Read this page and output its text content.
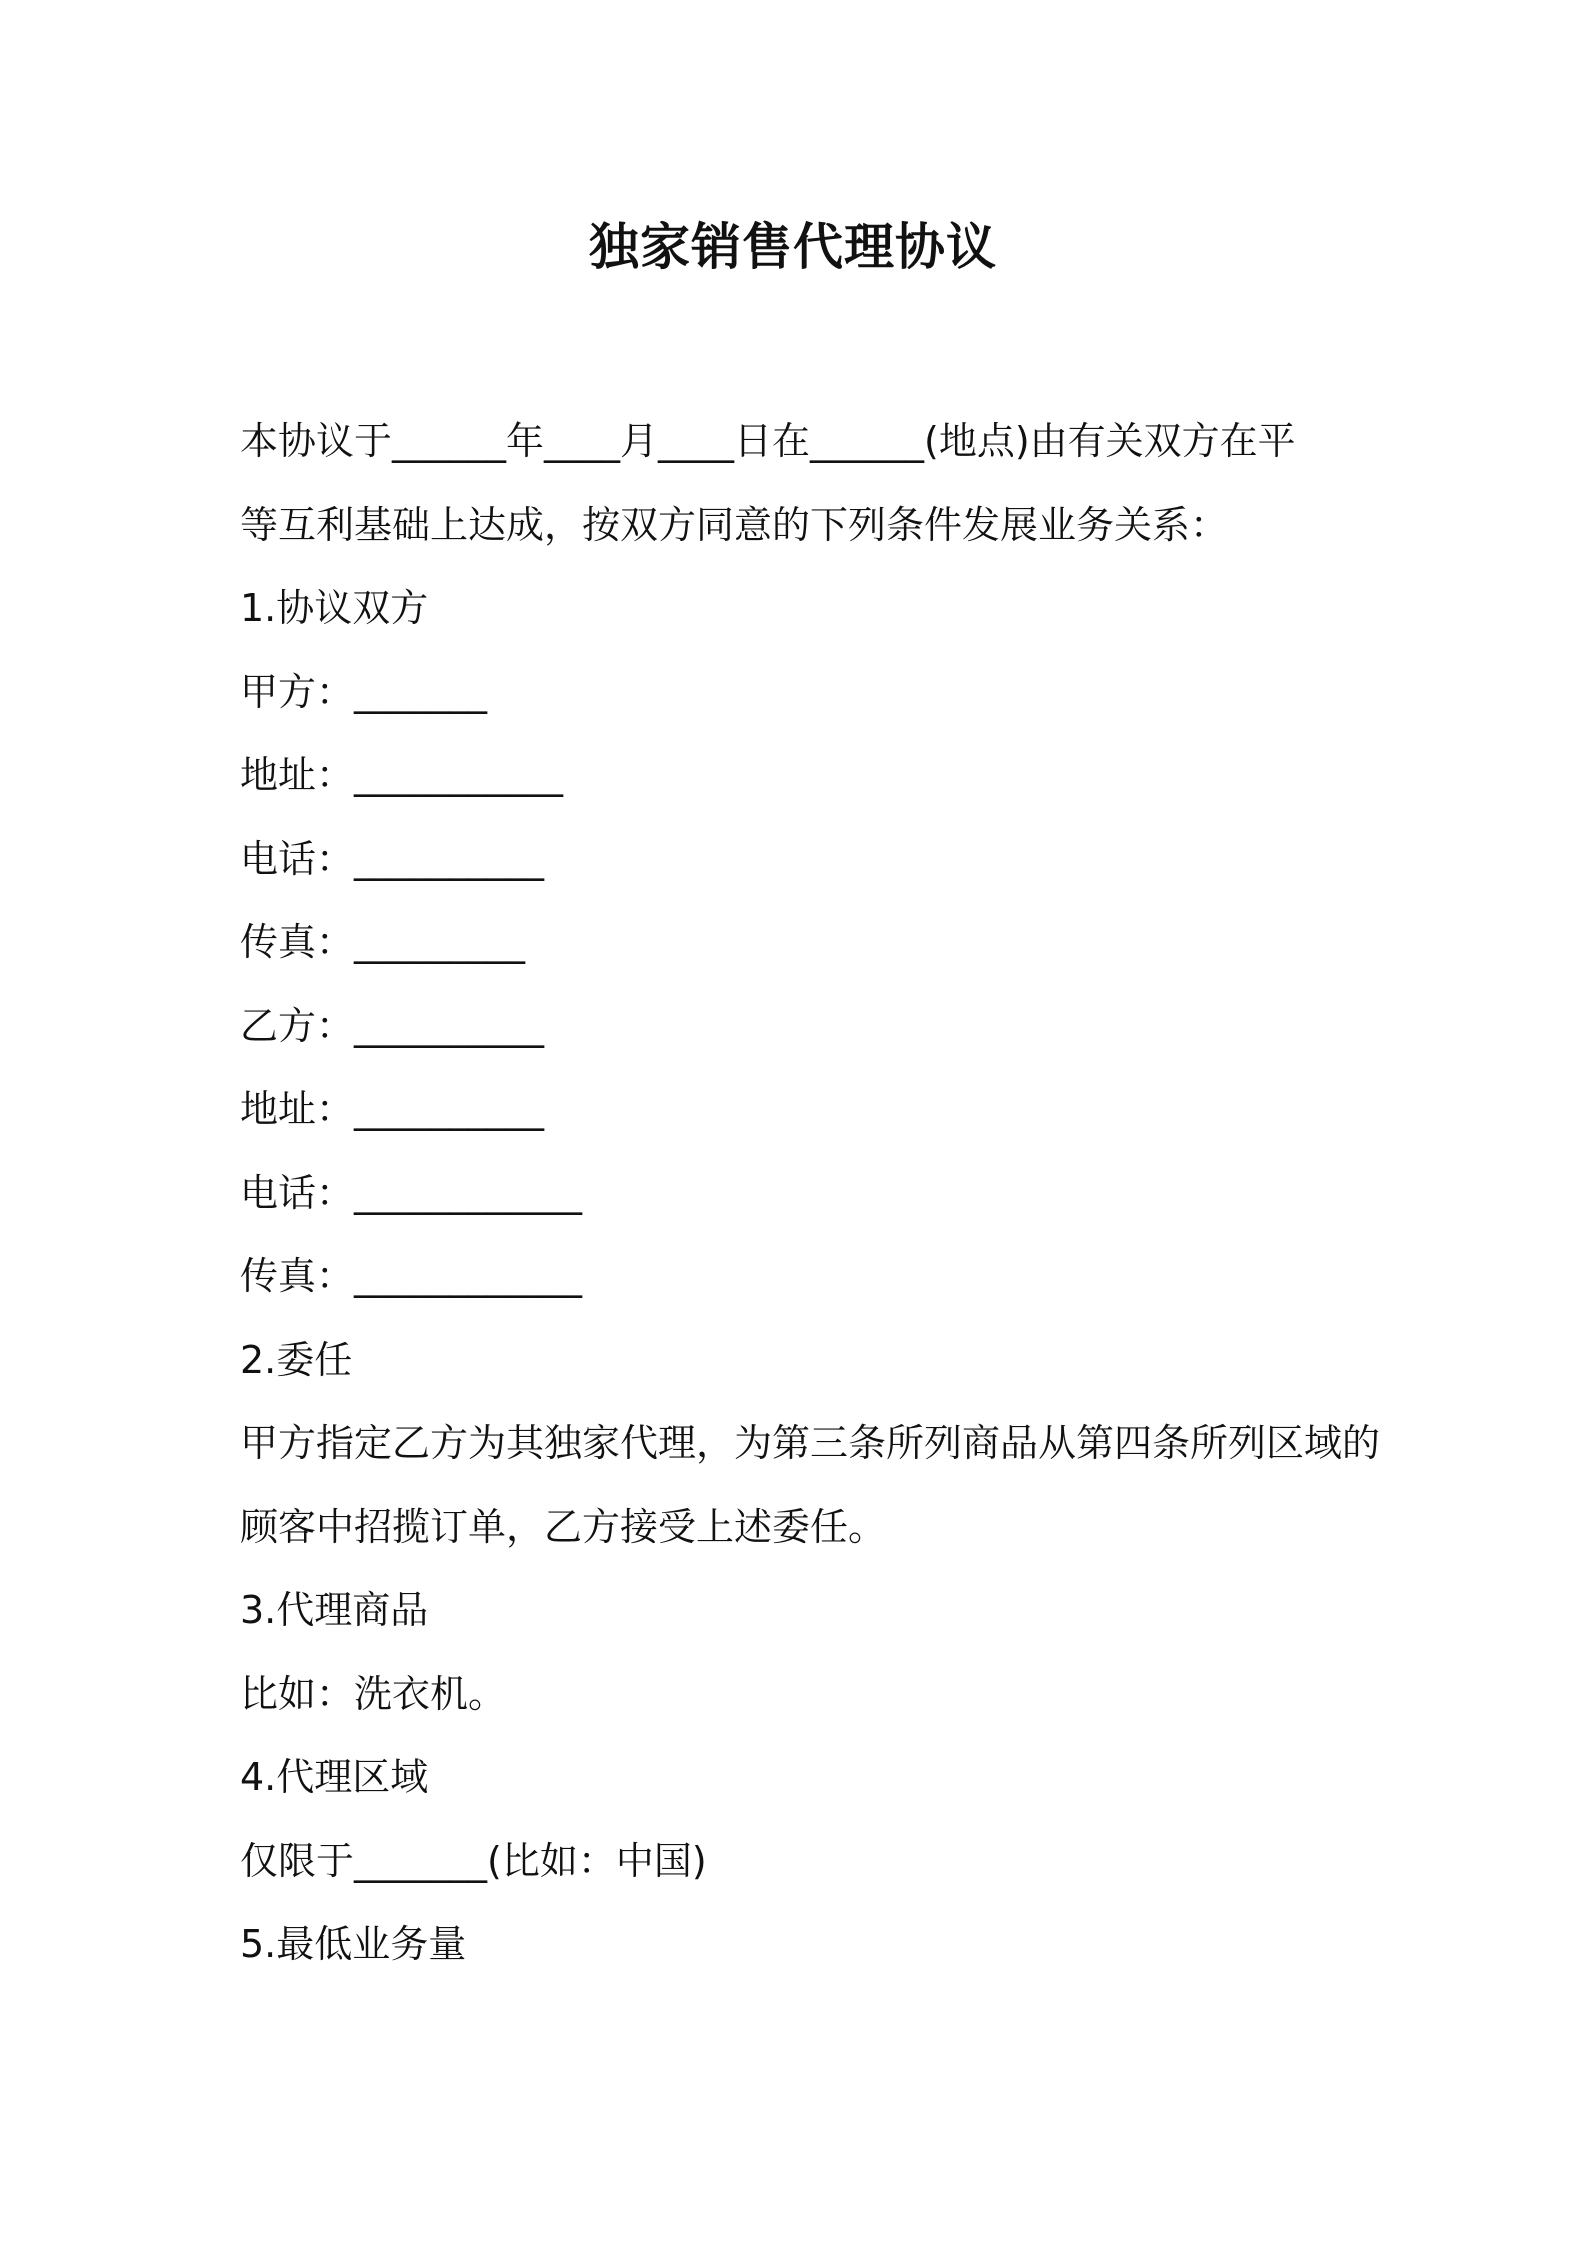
独家销售代理协议

本协议于______年____月____日在______(地点)由有关双方在平

等互利基础上达成，按双方同意的下列条件发展业务关系：

1.协议双方

甲方：_______

地址：___________

电话：__________

传真：_________

乙方：__________

地址：__________

电话：____________

传真：____________

2.委任

甲方指定乙方为其独家代理，为第三条所列商品从第四条所列区域的

顾客中招揽订单，乙方接受上述委任。

3.代理商品

比如：洗衣机。

4.代理区域

仅限于_______(比如：中国)

5.最低业务量
